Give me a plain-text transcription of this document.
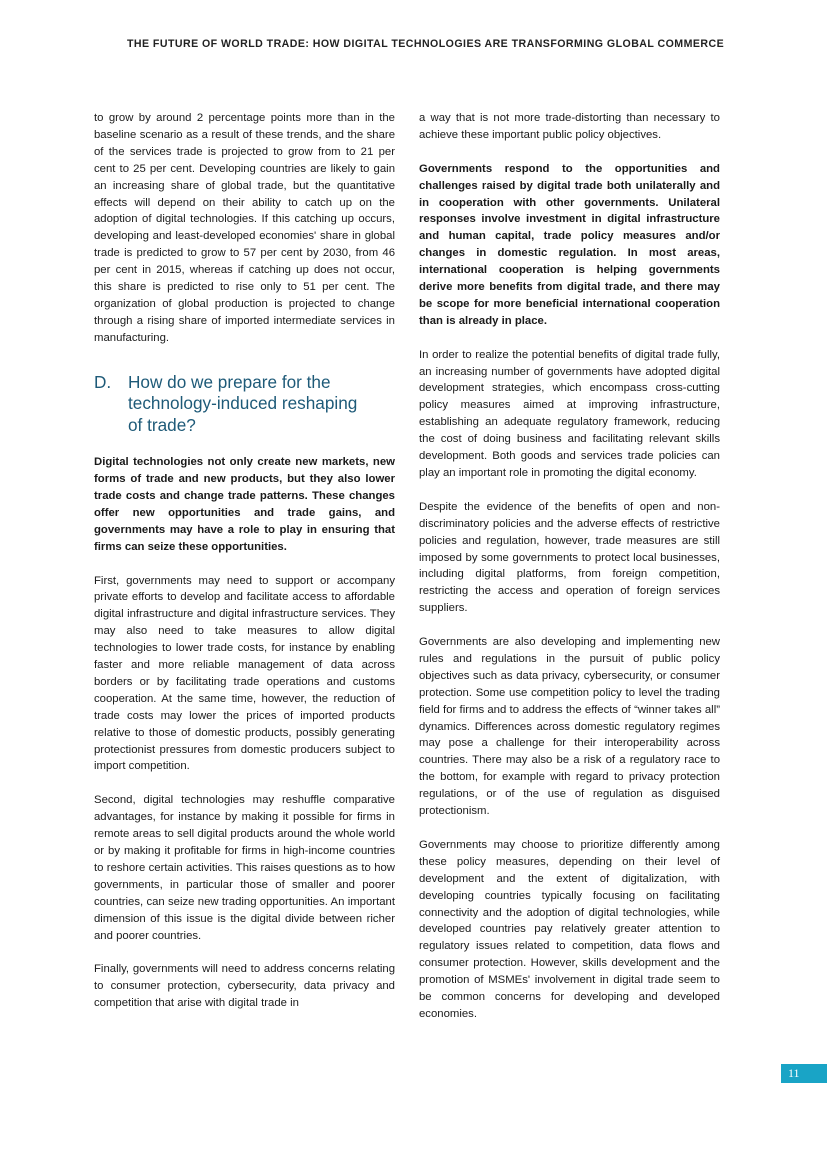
THE FUTURE OF WORLD TRADE: HOW DIGITAL TECHNOLOGIES ARE TRANSFORMING GLOBAL COMMERCE

to grow by around 2 percentage points more than in the baseline scenario as a result of these trends, and the share of the services trade is projected to grow from to 21 per cent to 25 per cent. Developing countries are likely to gain an increasing share of global trade, but the quantitative effects will depend on their ability to catch up on the adoption of digital technologies. If this catching up occurs, developing and least-developed economies' share in global trade is predicted to grow to 57 per cent by 2030, from 46 per cent in 2015, whereas if catching up does not occur, this share is predicted to rise only to 51 per cent. The organization of global production is projected to change through a rising share of imported intermediate services in manufacturing.

D. How do we prepare for the technology-induced reshaping of trade?

Digital technologies not only create new markets, new forms of trade and new products, but they also lower trade costs and change trade patterns. These changes offer new opportunities and trade gains, and governments may have a role to play in ensuring that firms can seize these opportunities.

First, governments may need to support or accompany private efforts to develop and facilitate access to affordable digital infrastructure and digital infrastructure services. They may also need to take measures to allow digital technologies to lower trade costs, for instance by enabling faster and more reliable management of data across borders or by facilitating trade operations and customs cooperation. At the same time, however, the reduction of trade costs may lower the prices of imported products relative to those of domestic products, possibly generating protectionist pressures from domestic producers subject to import competition.

Second, digital technologies may reshuffle comparative advantages, for instance by making it possible for firms in remote areas to sell digital products around the whole world or by making it profitable for firms in high-income countries to reshore certain activities. This raises questions as to how governments, in particular those of smaller and poorer countries, can seize new trading opportunities. An important dimension of this issue is the digital divide between richer and poorer countries.

Finally, governments will need to address concerns relating to consumer protection, cybersecurity, data privacy and competition that arise with digital trade in

a way that is not more trade-distorting than necessary to achieve these important public policy objectives.

Governments respond to the opportunities and challenges raised by digital trade both unilaterally and in cooperation with other governments. Unilateral responses involve investment in digital infrastructure and human capital, trade policy measures and/or changes in domestic regulation. In most areas, international cooperation is helping governments derive more benefits from digital trade, and there may be scope for more beneficial international cooperation than is already in place.

In order to realize the potential benefits of digital trade fully, an increasing number of governments have adopted digital development strategies, which encompass cross-cutting policy measures aimed at improving infrastructure, establishing an adequate regulatory framework, reducing the cost of doing business and facilitating relevant skills development. Both goods and services trade policies can play an important role in promoting the digital economy.

Despite the evidence of the benefits of open and non-discriminatory policies and the adverse effects of restrictive policies and regulation, however, trade measures are still imposed by some governments to protect local businesses, including digital platforms, from foreign competition, restricting the access and operation of foreign services suppliers.

Governments are also developing and implementing new rules and regulations in the pursuit of public policy objectives such as data privacy, cybersecurity, or consumer protection. Some use competition policy to level the trading field for firms and to address the effects of “winner takes all” dynamics. Differences across domestic regulatory regimes may pose a challenge for their interoperability across countries. There may also be a risk of a regulatory race to the bottom, for example with regard to privacy protection regulations, or of the use of regulation as disguised protectionism.

Governments may choose to prioritize differently among these policy measures, depending on their level of development and the extent of digitalization, with developing countries typically focusing on facilitating connectivity and the adoption of digital technologies, while developed countries pay relatively greater attention to regulatory issues related to competition, data flows and consumer protection. However, skills development and the promotion of MSMEs' involvement in digital trade seem to be common concerns for developing and developed economies.

11
